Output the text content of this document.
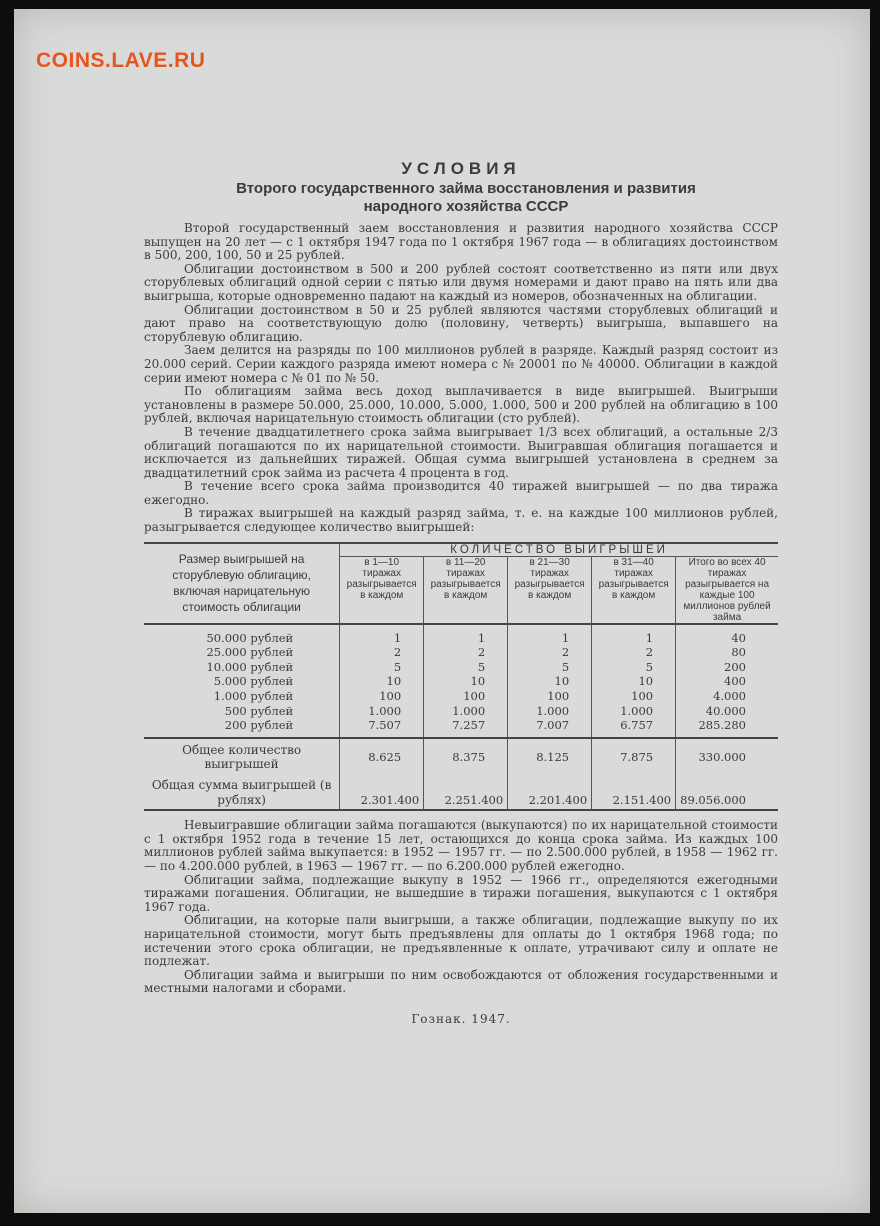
COINS.LAVE.RU
УСЛОВИЯ
Второго государственного займа восстановления и развития
народного хозяйства СССР

Второй государственный заем восстановления и развития народного хозяйства СССР выпущен на 20 лет — с 1 октября 1947 года по 1 октября 1967 года — в облигациях достоинством в 500, 200, 100, 50 и 25 рублей.

Облигации достоинством в 500 и 200 рублей состоят соответственно из пяти или двух сторублевых облигаций одной серии с пятью или двумя номерами и дают право на пять или два выигрыша, которые одновременно падают на каждый из номеров, обозначенных на облигации.

Облигации достоинством в 50 и 25 рублей являются частями сторублевых облигаций и дают право на соответствующую долю (половину, четверть) выигрыша, выпавшего на сторублевую облигацию.

Заем делится на разряды по 100 миллионов рублей в разряде. Каждый разряд состоит из 20.000 серий. Серии каждого разряда имеют номера с № 20001 по № 40000. Облигации в каждой серии имеют номера с № 01 по № 50.

По облигациям займа весь доход выплачивается в виде выигрышей. Выигрыши установлены в размере 50.000, 25.000, 10.000, 5.000, 1.000, 500 и 200 рублей на облигацию в 100 рублей, включая нарицательную стоимость облигации (сто рублей).

В течение двадцатилетнего срока займа выигрывает 1/3 всех облигаций, а остальные 2/3 облигаций погашаются по их нарицательной стоимости. Выигравшая облигация погашается и исключается из дальнейших тиражей. Общая сумма выигрышей установлена в среднем за двадцатилетний срок займа из расчета 4 процента в год.

В течение всего срока займа производится 40 тиражей выигрышей — по два тиража ежегодно.

В тиражах выигрышей на каждый разряд займа, т. е. на каждые 100 миллионов рублей, разыгрывается следующее количество выигрышей:

Размер выигрышей на сторублевую облигацию, включая нарицательную стоимость облигации	КОЛИЧЕСТВО ВЫИГРЫШЕЙ				
	в 1—10 тиражах разыгрывается в каждом	в 11—20 тиражах разыгрывается в каждом	в 21—30 тиражах разыгрывается в каждом	в 31—40 тиражах разыгрывается в каждом	Итого во всех 40 тиражах разыгрывается на каждые 100 миллионов рублей займа
50.000 рублей	1	1	1	1	40
25.000 рублей	2	2	2	2	80
10.000 рублей	5	5	5	5	200
5.000 рублей	10	10	10	10	400
1.000 рублей	100	100	100	100	4.000
500 рублей	1.000	1.000	1.000	1.000	40.000
200 рублей	7.507	7.257	7.007	6.757	285.280
Общее количество выигрышей	8.625	8.375	8.125	7.875	330.000
Общая сумма выигрышей (в рублях)	2.301.400	2.251.400	2.201.400	2.151.400	89.056.000

Невыигравшие облигации займа погашаются (выкупаются) по их нарицательной стоимости с 1 октября 1952 года в течение 15 лет, остающихся до конца срока займа. Из каждых 100 миллионов рублей займа выкупается: в 1952 — 1957 гг. — по 2.500.000 рублей, в 1958 — 1962 гг. — по 4.200.000 рублей, в 1963 — 1967 гг. — по 6.200.000 рублей ежегодно.

Облигации займа, подлежащие выкупу в 1952 — 1966 гг., определяются ежегодными тиражами погашения. Облигации, не вышедшие в тиражи погашения, выкупаются с 1 октября 1967 года.

Облигации, на которые пали выигрыши, а также облигации, подлежащие выкупу по их нарицательной стоимости, могут быть предъявлены для оплаты до 1 октября 1968 года; по истечении этого срока облигации, не предъявленные к оплате, утрачивают силу и оплате не подлежат.

Облигации займа и выигрыши по ним освобождаются от обложения государственными и местными налогами и сборами.

Гознак. 1947.
